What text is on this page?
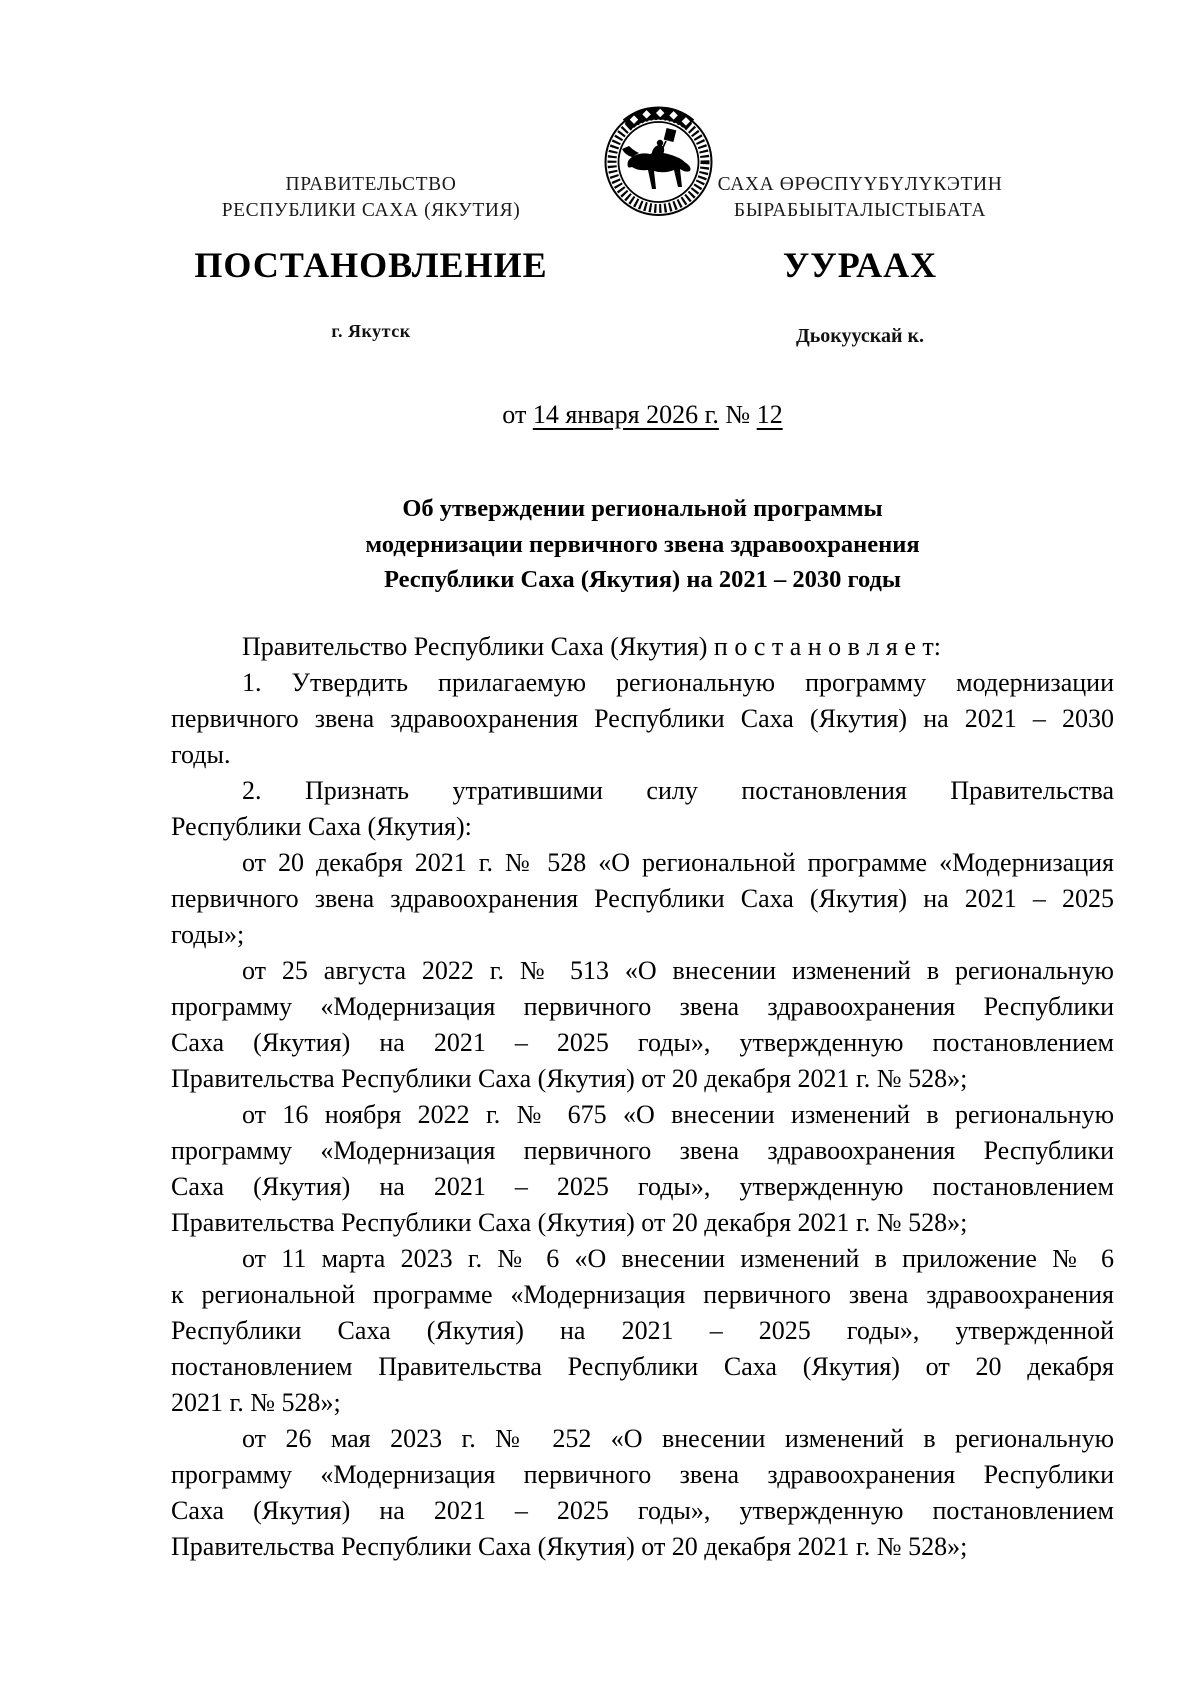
ПРАВИТЕЛЬСТВО
РЕСПУБЛИКИ САХА (ЯКУТИЯ)
САХА ӨРӨСПҮҮБҮЛҮКЭТИН
БЫРАБЫЫТАЛЫСТЫБАТА
ПОСТАНОВЛЕНИЕ	УУРААХ
г. Якутск	Дьокуускай к.
от 14 января 2026 г. № 12
Об утверждении региональной программы
модернизации первичного звена здравоохранения
Республики Саха (Якутия) на 2021 – 2030 годы
Правительство Республики Саха (Якутия) п о с т а н о в л я е т:
1. Утвердить прилагаемую региональную программу модернизации
первичного звена здравоохранения Республики Саха (Якутия) на 2021 – 2030
годы.
2. Признать утратившими силу постановления Правительства
Республики Саха (Якутия):
от 20 декабря 2021 г. № 528 «О региональной программе «Модернизация
первичного звена здравоохранения Республики Саха (Якутия) на 2021 – 2025
годы»;
от 25 августа 2022 г. № 513 «О внесении изменений в региональную
программу «Модернизация первичного звена здравоохранения Республики
Саха (Якутия) на 2021 – 2025 годы», утвержденную постановлением
Правительства Республики Саха (Якутия) от 20 декабря 2021 г. № 528»;
от 16 ноября 2022 г. № 675 «О внесении изменений в региональную
программу «Модернизация первичного звена здравоохранения Республики
Саха (Якутия) на 2021 – 2025 годы», утвержденную постановлением
Правительства Республики Саха (Якутия) от 20 декабря 2021 г. № 528»;
от 11 марта 2023 г. № 6 «О внесении изменений в приложение № 6
к региональной программе «Модернизация первичного звена здравоохранения
Республики Саха (Якутия) на 2021 – 2025 годы», утвержденной
постановлением Правительства Республики Саха (Якутия) от 20 декабря
2021 г. № 528»;
от 26 мая 2023 г. № 252 «О внесении изменений в региональную
программу «Модернизация первичного звена здравоохранения Республики
Саха (Якутия) на 2021 – 2025 годы», утвержденную постановлением
Правительства Республики Саха (Якутия) от 20 декабря 2021 г. № 528»;
